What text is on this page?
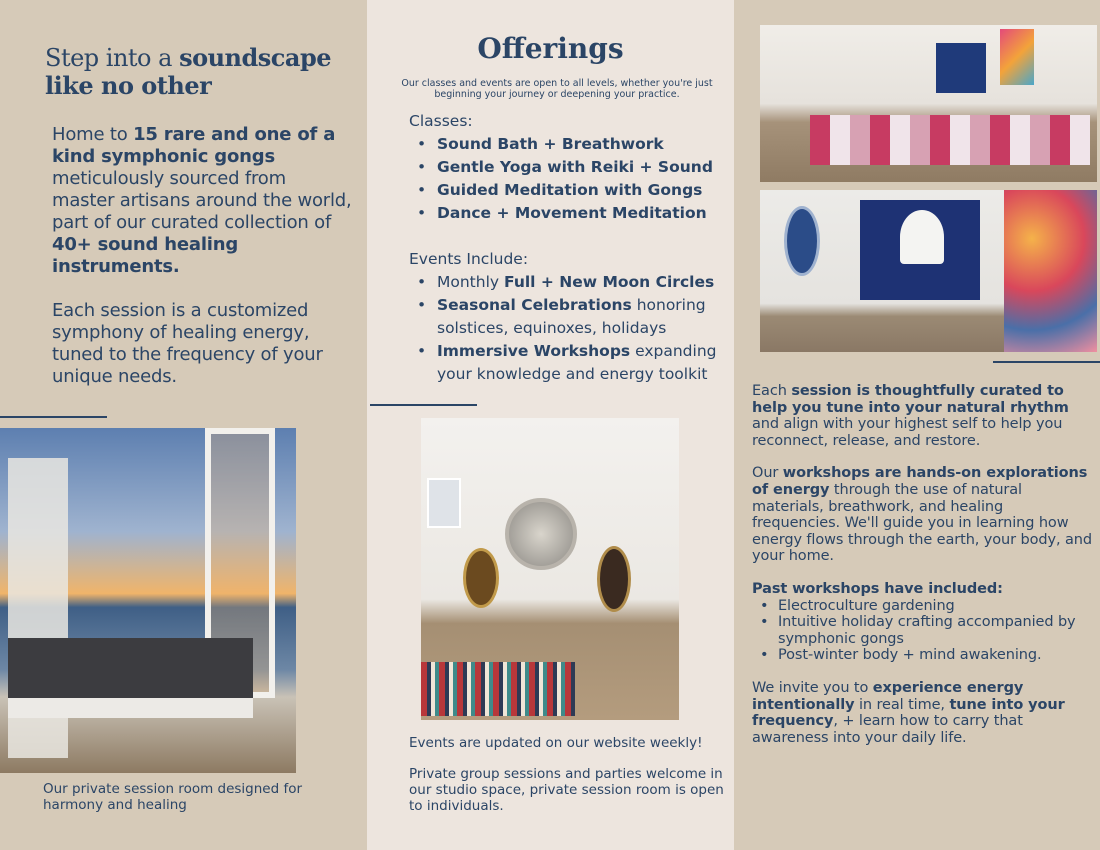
Step into a soundscape
like no other

Home to 15 rare and one of a kind symphonic gongs meticulously sourced from master artisans around the world, part of our curated collection of 40+ sound healing instruments.

Each session is a customized symphony of healing energy, tuned to the frequency of your unique needs.

Our private session room designed for harmony and healing
Offerings
Our classes and events are open to all levels, whether you're just beginning your journey or deepening your practice.
Classes:
• Sound Bath + Breathwork
• Gentle Yoga with Reiki + Sound
• Guided Meditation with Gongs
• Dance + Movement Meditation
Events Include:
• Monthly Full + New Moon Circles
• Seasonal Celebrations honoring solstices, equinoxes, holidays
• Immersive Workshops expanding your knowledge and energy toolkit
Events are updated on our website weekly!
Private group sessions and parties welcome in our studio space, private session room is open to individuals.

Each session is thoughtfully curated to help you tune into your natural rhythm and align with your highest self to help you reconnect, release, and restore.

Our workshops are hands-on explorations of energy through the use of natural materials, breathwork, and healing frequencies. We'll guide you in learning how energy flows through the earth, your body, and your home.

Past workshops have included:

• Electroculture gardening
• Intuitive holiday crafting accompanied by symphonic gongs
• Post-winter body + mind awakening.

We invite you to experience energy intentionally in real time, tune into your frequency, + learn how to carry that awareness into your daily life.
